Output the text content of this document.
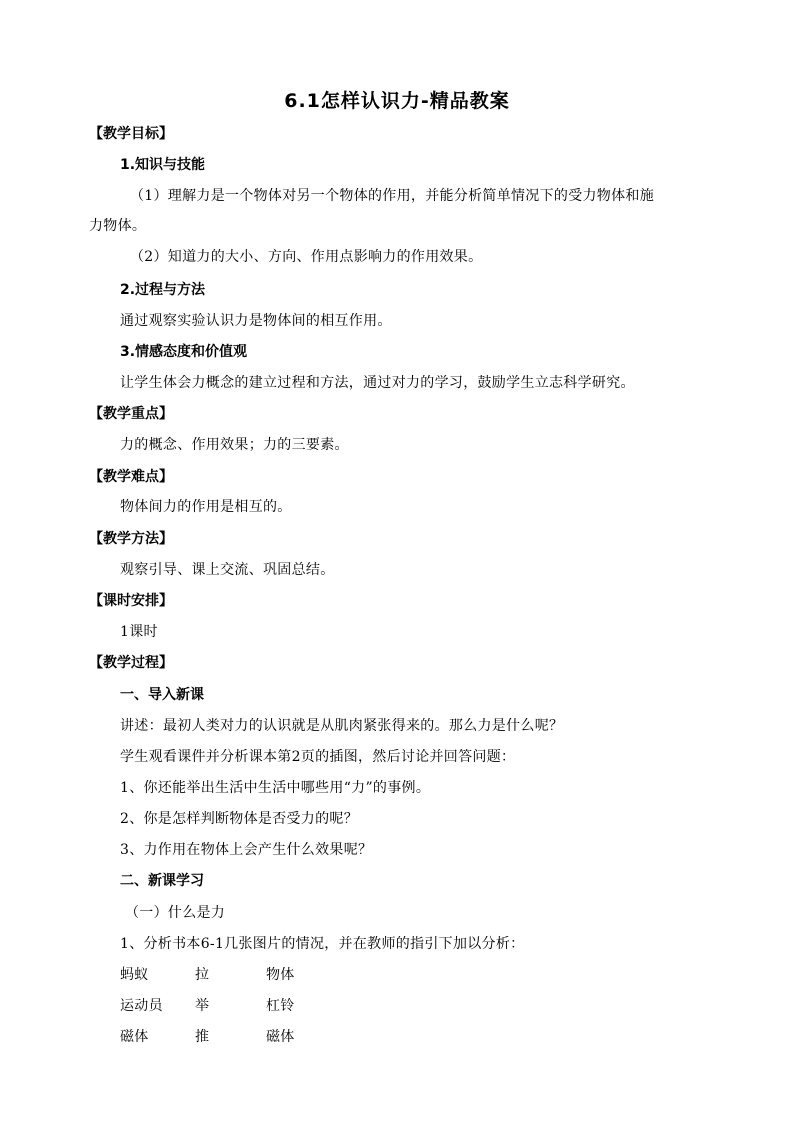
6.1怎样认识力-精品教案
【教学目标】
1.知识与技能
（1）理解力是一个物体对另一个物体的作用，并能分析简单情况下的受力物体和施
力物体。
（2）知道力的大小、方向、作用点影响力的作用效果。
2.过程与方法
通过观察实验认识力是物体间的相互作用。
3.情感态度和价值观
让学生体会力概念的建立过程和方法，通过对力的学习，鼓励学生立志科学研究。
【教学重点】
力的概念、作用效果；力的三要素。
【教学难点】
物体间力的作用是相互的。
【教学方法】
观察引导、课上交流、巩固总结。
【课时安排】
1课时
【教学过程】
一、导入新课
讲述：最初人类对力的认识就是从肌肉紧张得来的。那么力是什么呢？
学生观看课件并分析课本第2页的插图，然后讨论并回答问题：
1、你还能举出生活中生活中哪些用“力”的事例。
2、你是怎样判断物体是否受力的呢？
3、力作用在物体上会产生什么效果呢？
二、新课学习
（一）什么是力
1、分析书本6-1几张图片的情况，并在教师的指引下加以分析：
蚂蚁	拉	物体
运动员 举	杠铃
磁体	推	磁体
